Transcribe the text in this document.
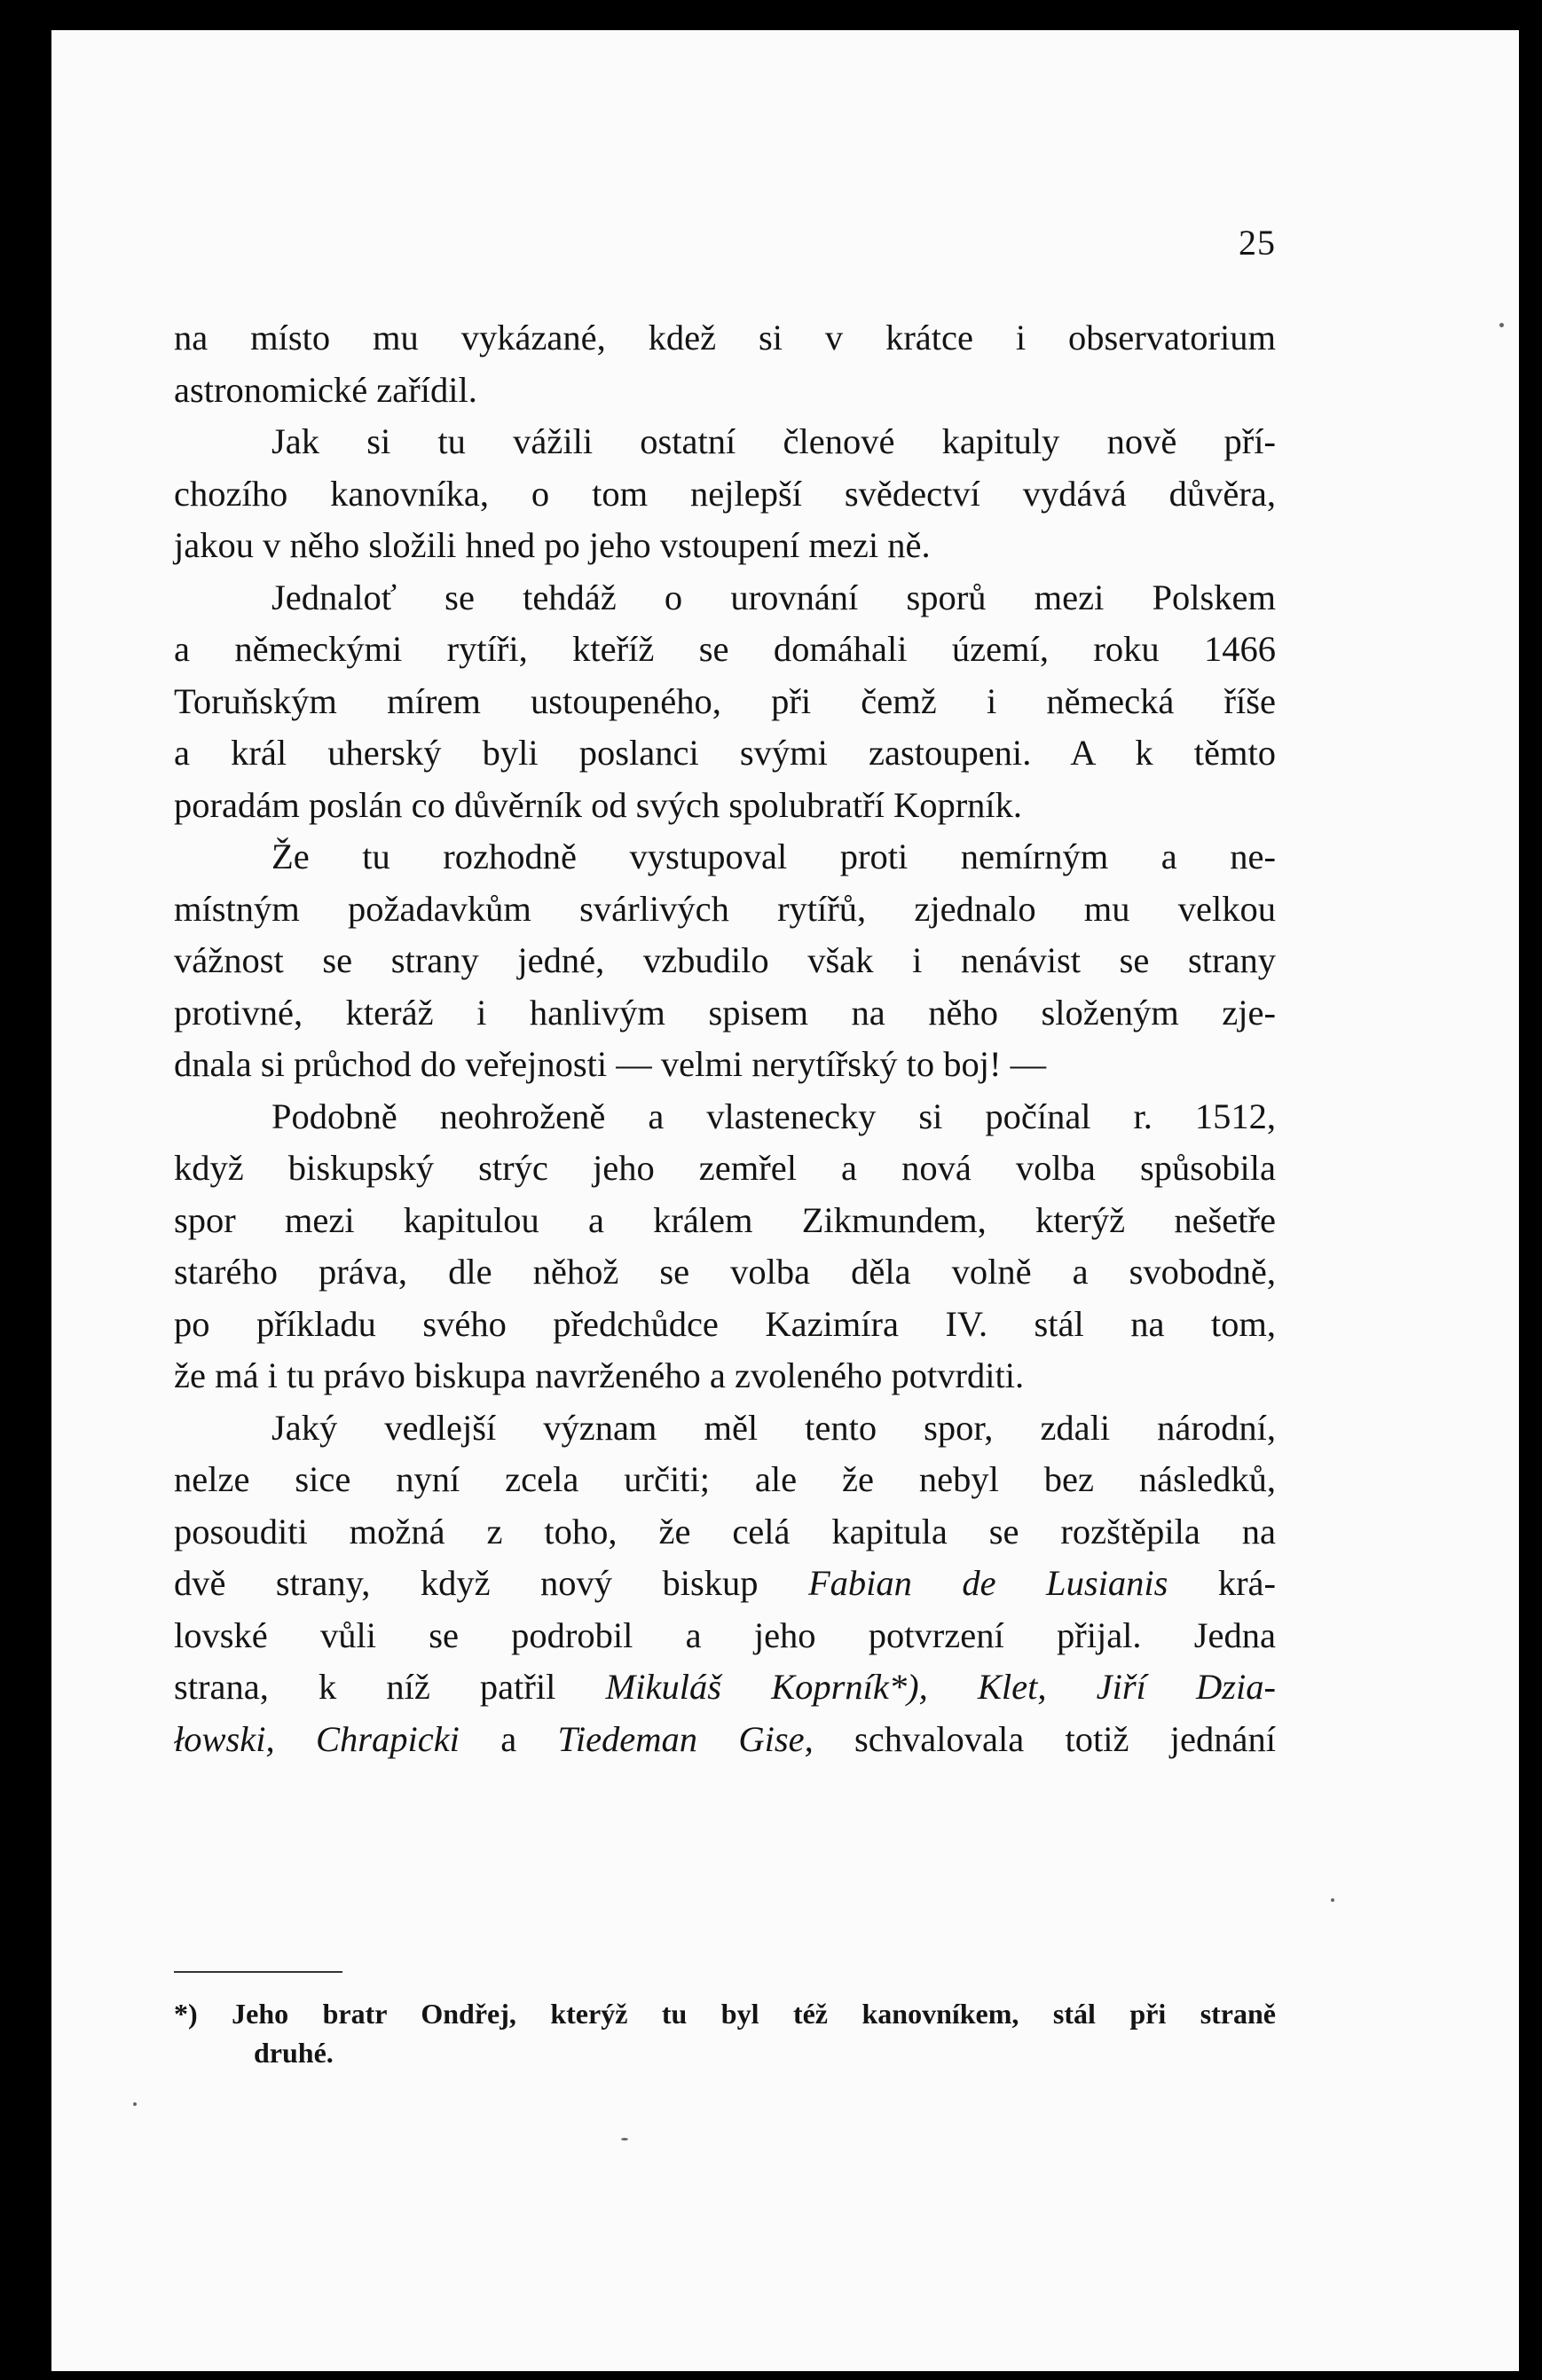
25
na místo mu vykázané, kdež si v krátce i observatorium
astronomické zařídil.
Jak si tu vážili ostatní členové kapituly nově pří-
chozího kanovníka, o tom nejlepší svědectví vydává důvěra,
jakou v něho složili hned po jeho vstoupení mezi ně.
Jednaloť se tehdáž o urovnání sporů mezi Polskem
a německými rytíři, kteříž se domáhali území, roku 1466
Toruňským mírem ustoupeného, při čemž i německá říše
a král uherský byli poslanci svými zastoupeni. A k těmto
poradám poslán co důvěrník od svých spolubratří Koprník.
Že tu rozhodně vystupoval proti nemírným a ne-
místným požadavkům svárlivých rytířů, zjednalo mu velkou
vážnost se strany jedné, vzbudilo však i nenávist se strany
protivné, kteráž i hanlivým spisem na něho složeným zje-
dnala si průchod do veřejnosti — velmi nerytířský to boj! —
Podobně neohroženě a vlastenecky si počínal r. 1512,
když biskupský strýc jeho zemřel a nová volba spůsobila
spor mezi kapitulou a králem Zikmundem, kterýž nešetře
starého práva, dle něhož se volba děla volně a svobodně,
po příkladu svého předchůdce Kazimíra IV. stál na tom,
že má i tu právo biskupa navrženého a zvoleného potvrditi.
Jaký vedlejší význam měl tento spor, zdali národní,
nelze sice nyní zcela určiti; ale že nebyl bez následků,
posouditi možná z toho, že celá kapitula se rozštěpila na
dvě strany, když nový biskup Fabian de Lusianis krá-
lovské vůli se podrobil a jeho potvrzení přijal. Jedna
strana, k níž patřil Mikuláš Koprník*), Klet, Jiří Dzia-
łowski, Chrapicki a Tiedeman Gise, schvalovala totiž jednání
*) Jeho bratr Ondřej, kterýž tu byl též kanovníkem, stál při straně
druhé.
